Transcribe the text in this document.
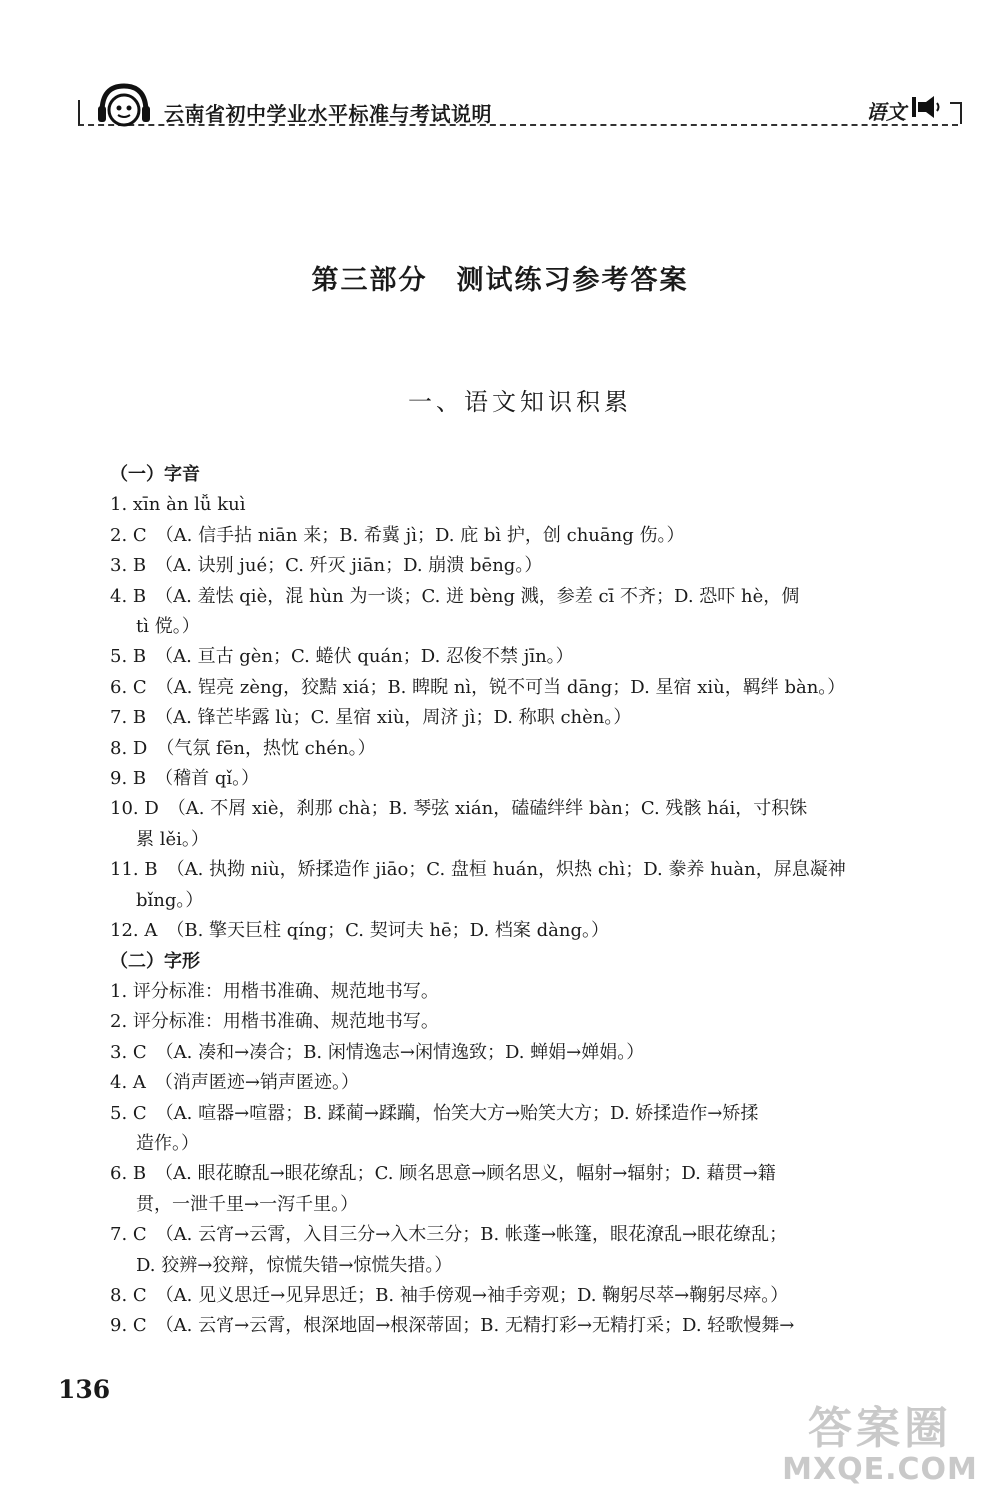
云南省初中学业水平标准与考试说明	语文
第三部分　测试练习参考答案
一、语文知识积累
（一）字音
1. xīn àn lǚ kuì
2. C　（A. 信手拈 niān 来；B. 希冀 jì；D. 庇 bì 护，创 chuāng 伤。）
3. B　（A. 诀别 jué；C. 歼灭 jiān；D. 崩溃 bēng。）
4. B　（A. 羞怯 qiè，混 hùn 为一谈；C. 迸 bèng 溅，参差 cī 不齐；D. 恐吓 hè，倜
tì 傥。）
5. B　（A. 亘古 gèn；C. 蜷伏 quán；D. 忍俊不禁 jīn。）
6. C　（A. 锃亮 zèng，狡黠 xiá；B. 睥睨 nì，锐不可当 dāng；D. 星宿 xiù，羁绊 bàn。）
7. B　（A. 锋芒毕露 lù；C. 星宿 xiù，周济 jì；D. 称职 chèn。）
8. D　（气氛 fēn，热忱 chén。）
9. B　（稽首 qǐ。）
10. D　（A. 不屑 xiè，刹那 chà；B. 琴弦 xián，磕磕绊绊 bàn；C. 残骸 hái，寸积铢
累 lěi。）
11. B　（A. 执拗 niù，矫揉造作 jiāo；C. 盘桓 huán，炽热 chì；D. 豢养 huàn，屏息凝神
bǐng。）
12. A　（B. 擎天巨柱 qíng；C. 契诃夫 hē；D. 档案 dàng。）
（二）字形
1. 评分标准：用楷书准确、规范地书写。
2. 评分标准：用楷书准确、规范地书写。
3. C　（A. 凑和→凑合；B. 闲情逸志→闲情逸致；D. 蝉娟→婵娟。）
4. A　（消声匿迹→销声匿迹。）
5. C　（A. 喧器→喧嚣；B. 蹂蔺→蹂躏，怡笑大方→贻笑大方；D. 娇揉造作→矫揉
造作。）
6. B　（A. 眼花瞭乱→眼花缭乱；C. 顾名思意→顾名思义，幅射→辐射；D. 藉贯→籍
贯，一泄千里→一泻千里。）
7. C　（A. 云宵→云霄，入目三分→入木三分；B. 帐蓬→帐篷，眼花潦乱→眼花缭乱；
D. 狡辨→狡辩，惊慌失错→惊慌失措。）
8. C　（A. 见义思迁→见异思迁；B. 袖手傍观→袖手旁观；D. 鞠躬尽萃→鞠躬尽瘁。）
9. C　（A. 云宵→云霄，根深地固→根深蒂固；B. 无精打彩→无精打采；D. 轻歌慢舞→
136
答案圈
MXQE.COM
